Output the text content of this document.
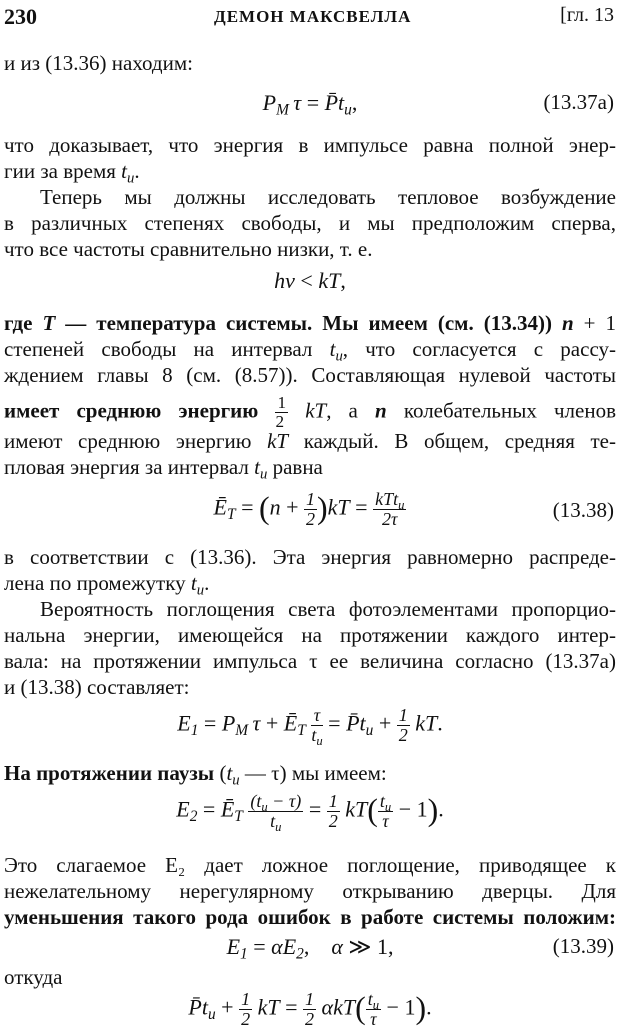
230	ДЕМОН МАКСВЕЛЛА	[гл. 13
и из (13.36) находим:
$P_M$ $\tau = P̄t_u$,	(13.37a)
что доказывает, что энергия в импульсе равна полной энер-
гии за время $t_u$.
Теперь мы должны исследовать тепловое возбуждение
в различных степенях свободы, и мы предположим сперва,
что все частоты сравнительно низки, т. е.
hν < kT,
где T — температура системы. Мы имеем (см. (13.34)) n + 1
степеней свободы на интервал $t_u$, что согласуется с рассу-
ждением главы 8 (см. (8.57)). Составляющая нулевой частоты
имеет среднюю энергию $\frac{1}{2}$ kT, а n колебательных членов
имеют среднюю энергию kT каждый. В общем, средняя те-
пловая энергия за интервал $t_u$ равна
$Ē_T = (n + \frac{1}{2} )kT = \frac{kTt_u}{2\tau}$	(13.38)
в соответствии с (13.36). Эта энергия равномерно распреде-
лена по промежутку $t_u$.
Вероятность поглощения света фотоэлементами пропорцио-
нальна энергии, имеющейся на протяжении каждого интер-
вала: на протяжении импульса τ ее величина согласно (13.37a)
и (13.38) составляет:
$E_1 = P_M$ $\tau + Ē_T \frac{\tau}{t_u}$ = $P̄t_u + \frac{1}{2}$ kT.
На протяжении паузы ($t_u$ — τ) мы имеем:
$E_2$ = $Ē_T \frac{(t_u - \tau)}{t_u} = \frac{1}{2} kT( \frac{t_u}{\tau} - 1)$.
Это слагаемое E₂ дает ложное поглощение, приводящее к
нежелательному нерегулярному открыванию дверцы. Для
уменьшения такого рода ошибок в работе системы положим:
$E_1 = \alpha E_2$,    α ≫ 1,	(13.39)
откуда
$P̄t_u + \frac{1}{2}$ kT = $\frac{1}{2} \alpha kT( \frac{t_u}{\tau} - 1)$.
